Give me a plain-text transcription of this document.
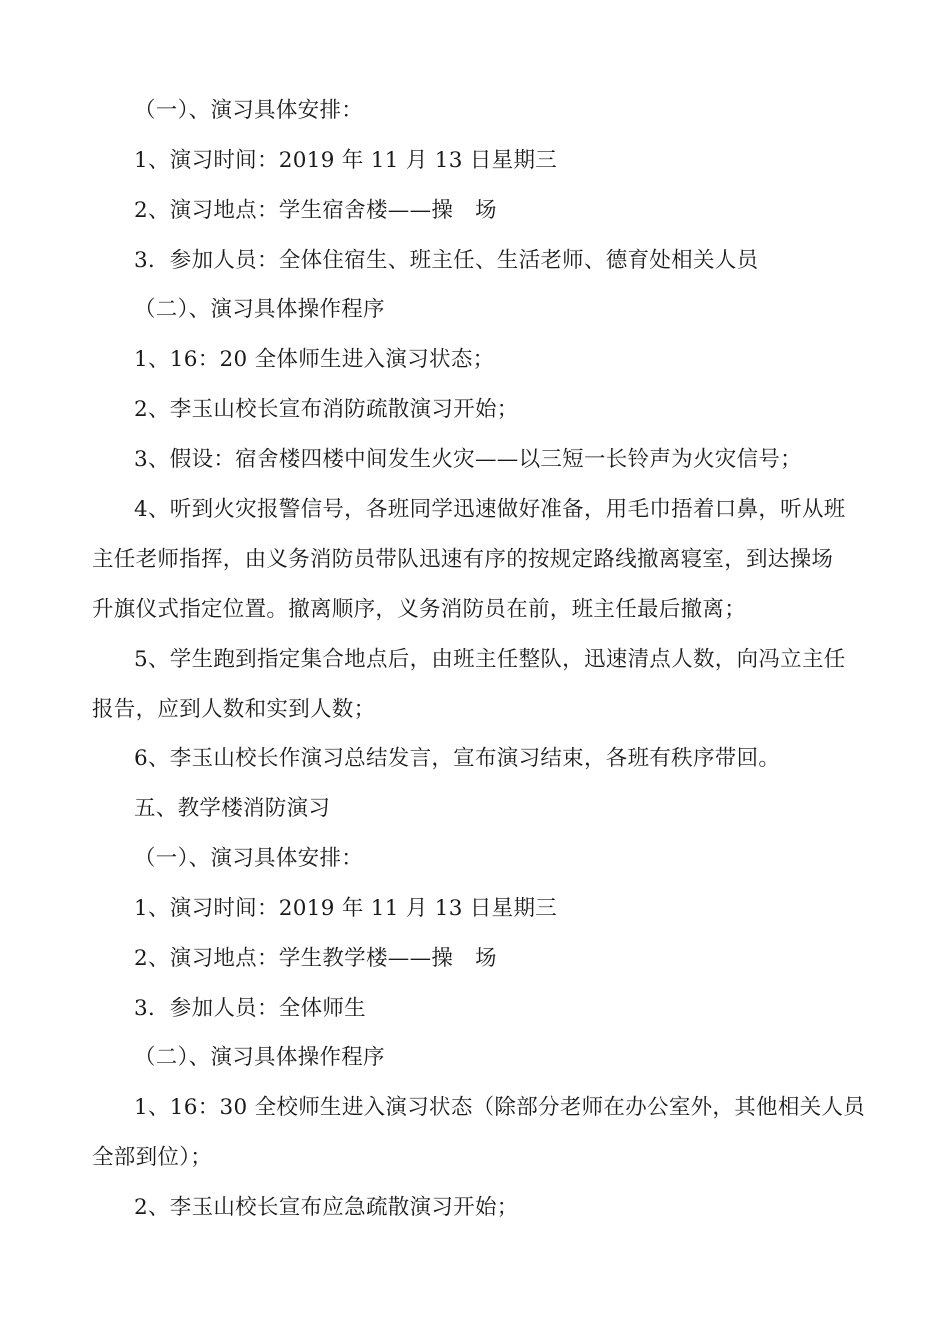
（一）、演习具体安排：
1、演习时间：2019 年 11 月 13 日星期三
2、演习地点：学生宿舍楼——操　场
3．参加人员：全体住宿生、班主任、生活老师、德育处相关人员
（二）、演习具体操作程序
1、16：20 全体师生进入演习状态；
2、李玉山校长宣布消防疏散演习开始；
3、假设：宿舍楼四楼中间发生火灾——以三短一长铃声为火灾信号；
4、听到火灾报警信号，各班同学迅速做好准备，用毛巾捂着口鼻，听从班
主任老师指挥，由义务消防员带队迅速有序的按规定路线撤离寝室，到达操场
升旗仪式指定位置。撤离顺序，义务消防员在前，班主任最后撤离；
5、学生跑到指定集合地点后，由班主任整队，迅速清点人数，向冯立主任
报告，应到人数和实到人数；
6、李玉山校长作演习总结发言，宣布演习结束，各班有秩序带回。
五、教学楼消防演习
（一）、演习具体安排：
1、演习时间：2019 年 11 月 13 日星期三
2、演习地点：学生教学楼——操　场
3．参加人员：全体师生
（二）、演习具体操作程序
1、16：30 全校师生进入演习状态（除部分老师在办公室外，其他相关人员
全部到位）；
2、李玉山校长宣布应急疏散演习开始；
